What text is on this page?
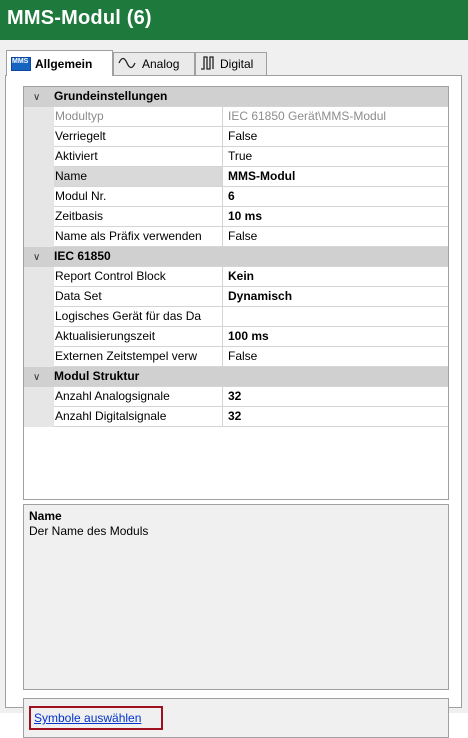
MMS-Modul (6)
MMS Allgemein	Analog	Digital
∨ Grundeinstellungen
Modultyp	IEC 61850 Gerät\MMS-Modul
Verriegelt	False
Aktiviert	True
Name	MMS-Modul
Modul Nr.	6
Zeitbasis	10 ms
Name als Präfix verwenden	False
∨ IEC 61850
Report Control Block	Kein
Data Set	Dynamisch
Logisches Gerät für das Da
Aktualisierungszeit	100 ms
Externen Zeitstempel verw	False
∨ Modul Struktur
Anzahl Analogsignale	32
Anzahl Digitalsignale	32
Name
Der Name des Moduls
Symbole auswählen
